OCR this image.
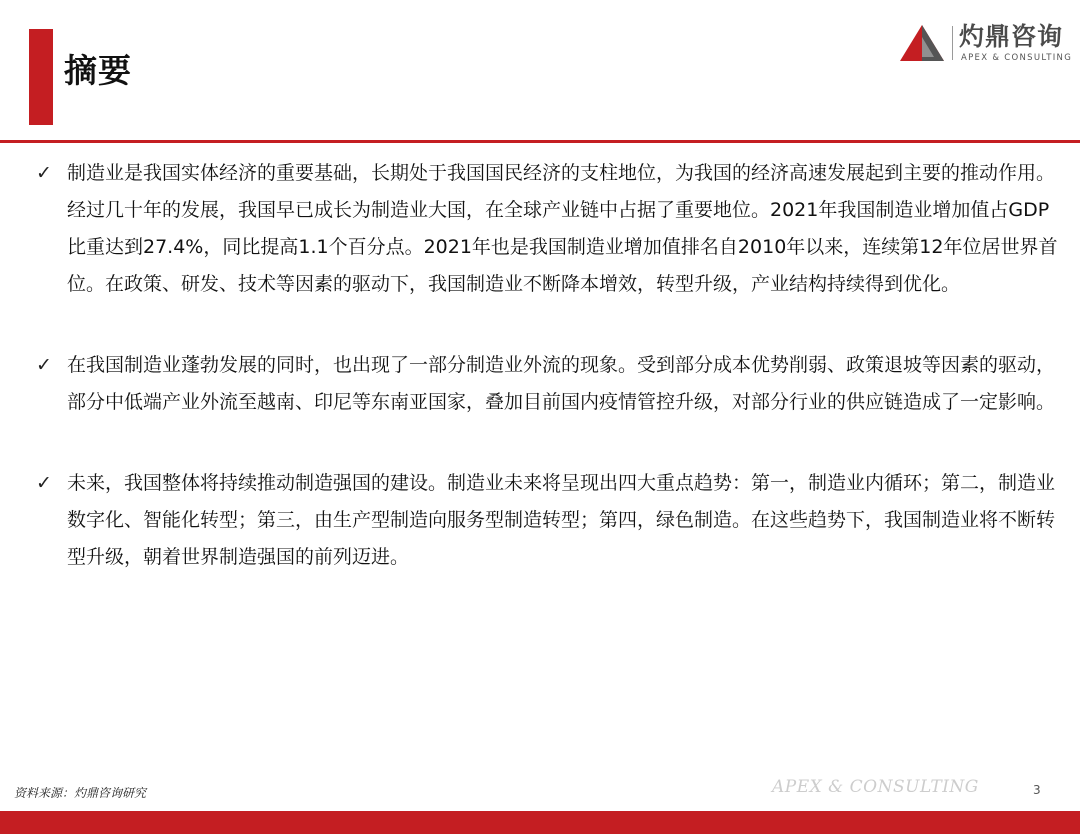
摘要
灼鼎咨询
APEX & CONSULTING
✓ 制造业是我国实体经济的重要基础，长期处于我国国民经济的支柱地位，为我国的经济高速发展起到主要的推动作用。经过几十年的发展，我国早已成长为制造业大国，在全球产业链中占据了重要地位。2021年我国制造业增加值占GDP比重达到27.4%，同比提高1.1个百分点。2021年也是我国制造业增加值排名自2010年以来，连续第12年位居世界首位。在政策、研发、技术等因素的驱动下，我国制造业不断降本增效，转型升级，产业结构持续得到优化。
✓ 在我国制造业蓬勃发展的同时，也出现了一部分制造业外流的现象。受到部分成本优势削弱、政策退坡等因素的驱动，部分中低端产业外流至越南、印尼等东南亚国家，叠加目前国内疫情管控升级，对部分行业的供应链造成了一定影响。
✓ 未来，我国整体将持续推动制造强国的建设。制造业未来将呈现出四大重点趋势：第一，制造业内循环；第二，制造业数字化、智能化转型；第三，由生产型制造向服务型制造转型；第四，绿色制造。在这些趋势下，我国制造业将不断转型升级，朝着世界制造强国的前列迈进。
资料来源：灼鼎咨询研究	APEX & CONSULTING	3
